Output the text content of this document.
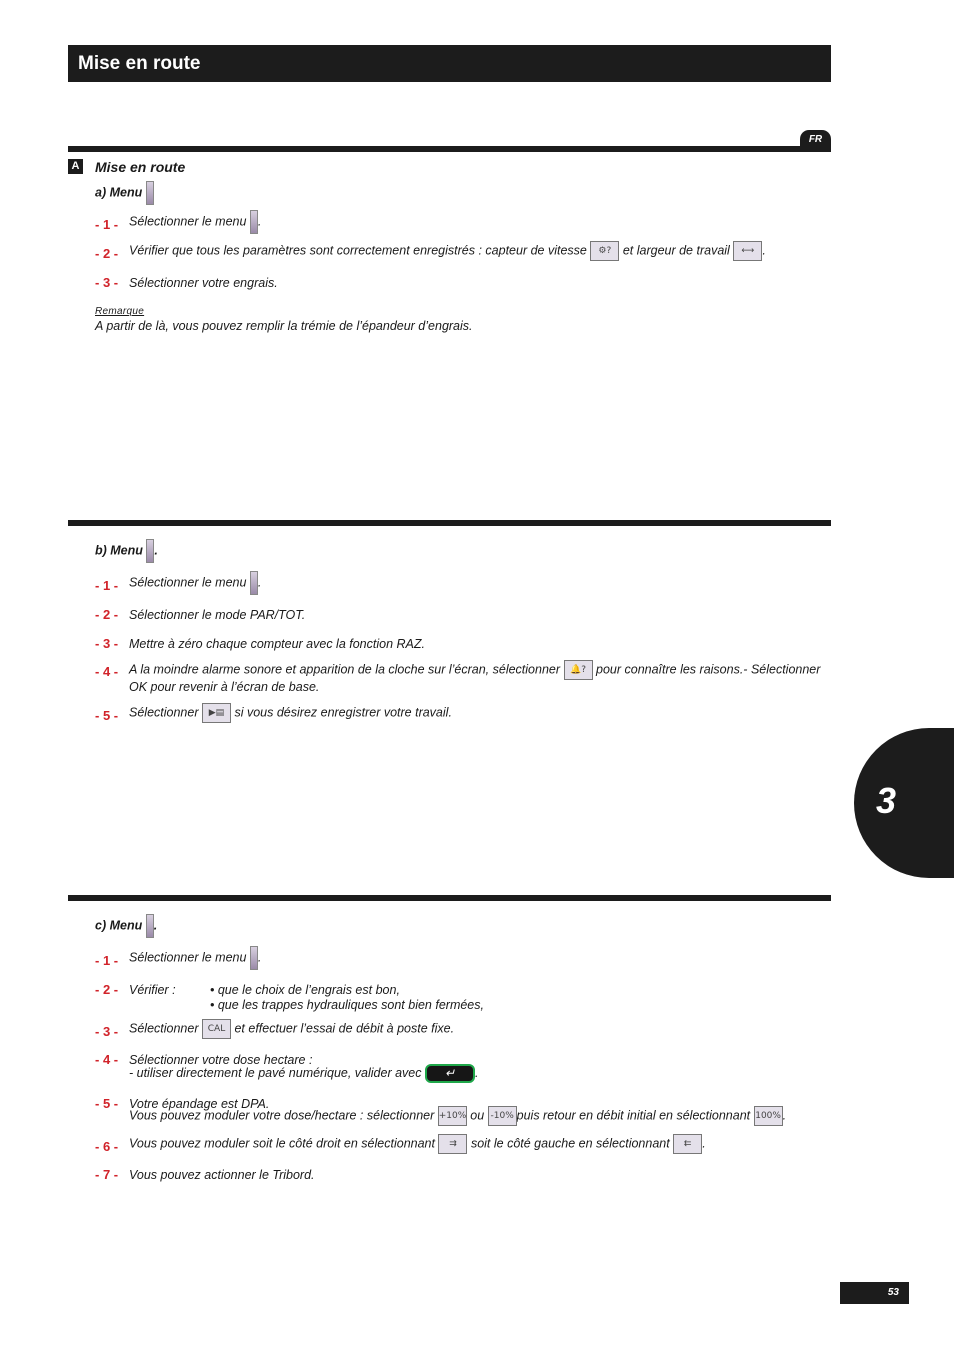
Mise en route
FR
A Mise en route
a) Menu
- 1 - Sélectionner le menu .
- 2 - Vérifier que tous les paramètres sont correctement enregistrés : capteur de vitesse	⚙? et largeur de travail	⟷ .
- 3 - Sélectionner votre engrais.
Remarque
A partir de là, vous pouvez remplir la trémie de l’épandeur d’engrais.
b) Menu .
- 1 - Sélectionner le menu .
- 2 - Sélectionner le mode PAR/TOT.
- 3 - Mettre à zéro chaque compteur avec la fonction RAZ.
- 4 - A la moindre alarme sonore et apparition de la cloche sur l’écran, sélectionner	🔔? pour connaître les raisons.- Sélectionner
OK pour revenir à l’écran de base.
- 5 - Sélectionner	▶▤ si vous désirez enregistrer votre travail.
3
c) Menu .
- 1 - Sélectionner le menu .
- 2 - Vérifier :	• que le choix de l’engrais est bon,
• que les trappes hydrauliques sont bien fermées,
- 3 - Sélectionner	CAL et effectuer l’essai de débit à poste fixe.
- 4 - Sélectionner votre dose hectare :
- utiliser directement le pavé numérique, valider avec ↵ .
- 5 - Votre épandage est DPA.
Vous pouvez moduler votre dose/hectare : sélectionner +10% ou -10% puis retour en débit initial en sélectionnant 100% .
- 6 - Vous pouvez moduler soit le côté droit en sélectionnant	⇉	soit le côté gauche en sélectionnant	⇇ .
- 7 - Vous pouvez actionner le Tribord.
53
